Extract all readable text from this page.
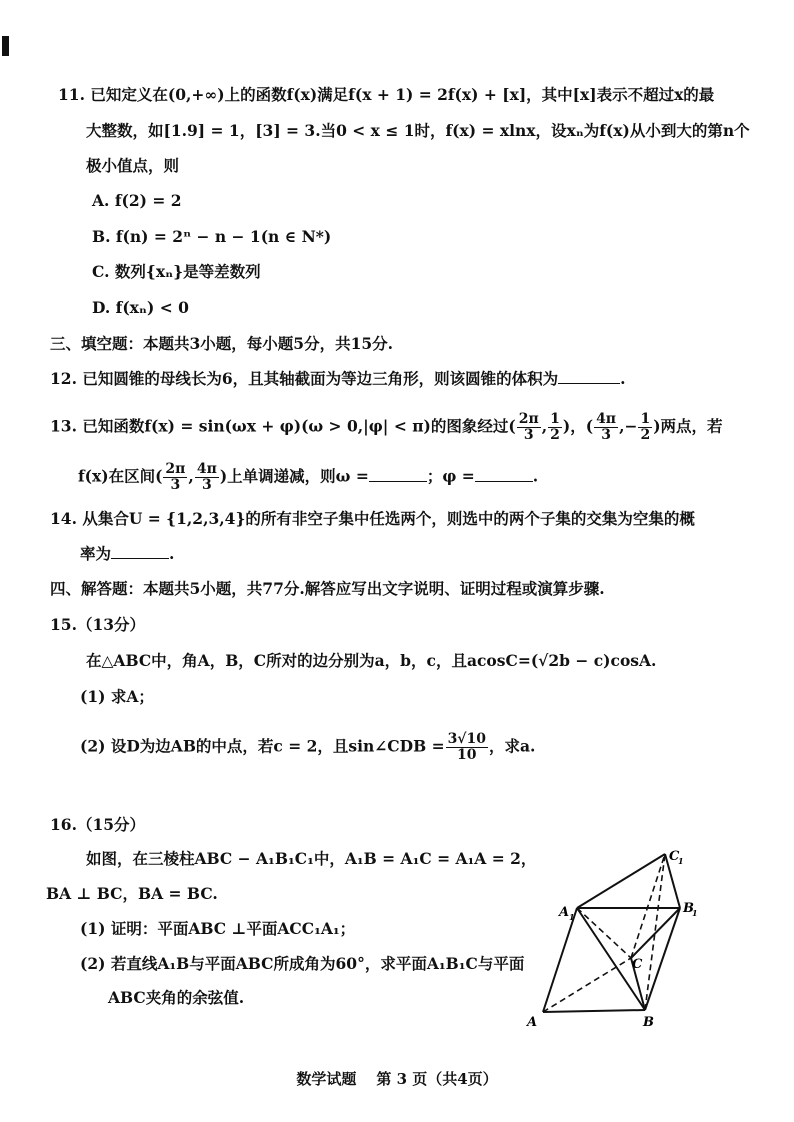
11. 已知定义在(0,+∞)上的函数f(x)满足f(x + 1) = 2f(x) + [x]，其中[x]表示不超过x的最
大整数，如[1.9] = 1，[3] = 3.当0 < x ≤ 1时，f(x) = xlnx，设xₙ为f(x)从小到大的第n个
极小值点，则
A. f(2) = 2
B. f(n) = 2ⁿ − n − 1(n ∈ N*)
C. 数列{xₙ}是等差数列
D. f(xₙ) < 0
三、填空题：本题共3小题，每小题5分，共15分.
12. 已知圆锥的母线长为6，且其轴截面为等边三角形，则该圆锥的体积为	.
13. 已知函数f(x) = sin(ωx + φ)(ω > 0,|φ| < π)的图象经过( $\frac{2\pi}{3}$ , $\frac{1}{2}$ )，( $\frac{4\pi}{3}$ ,− $\frac{1}{2}$ )两点，若
f(x)在区间( $\frac{2\pi}{3}$ , $\frac{4\pi}{3}$ )上单调递减，则ω =	；φ =	.
14. 从集合U = {1,2,3,4}的所有非空子集中任选两个，则选中的两个子集的交集为空集的概
率为	.
四、解答题：本题共5小题，共77分.解答应写出文字说明、证明过程或演算步骤.
15.（13分）
在△ABC中，角A，B，C所对的边分别为a，b，c，且acosC=(√2b − c)cosA.
(1) 求A；
(2) 设D为边AB的中点，若c = 2，且sin∠CDB = $\frac{3√10}{10}$ ，求a.
16.（15分）
如图，在三棱柱ABC − A₁B₁C₁中，A₁B = A₁C = A₁A = 2，
BA ⊥ BC，BA = BC.
(1) 证明：平面ABC ⊥平面ACC₁A₁；
(2) 若直线A₁B与平面ABC所成角为60°，求平面A₁B₁C与平面
ABC夹角的余弦值.
A	B
C
A 1
B
1
C
1
数学试题 第 3 页（共4页）
